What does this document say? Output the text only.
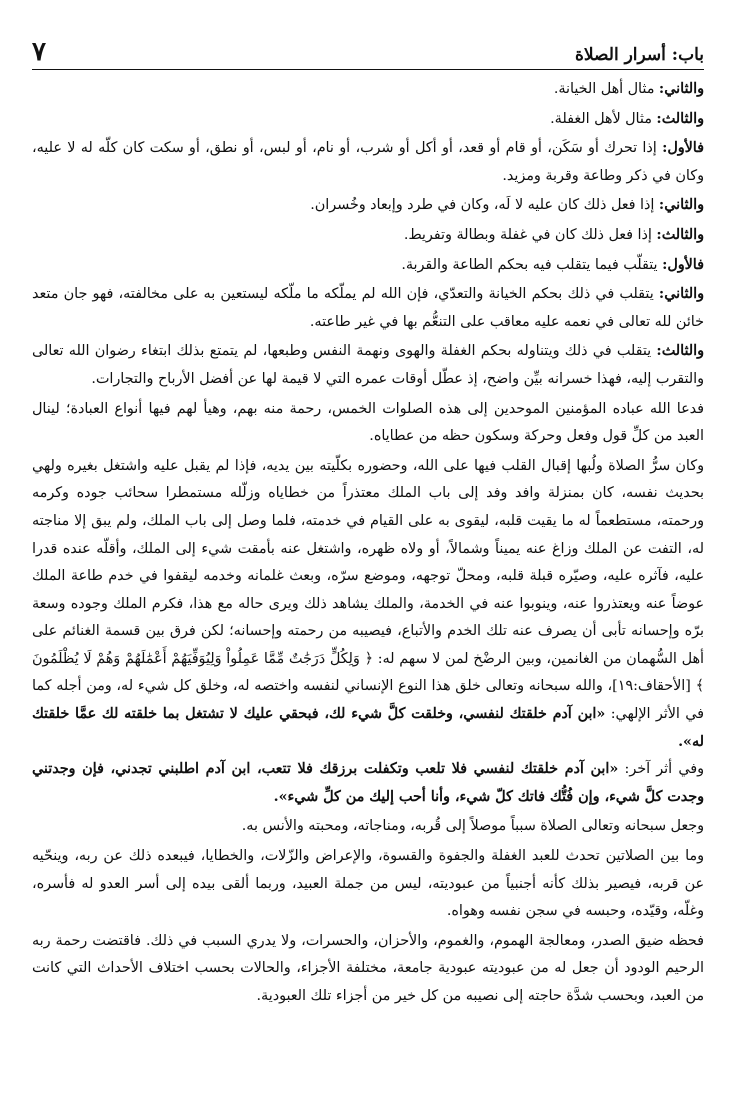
باب: أسرار الصلاة
٧

والثاني: مثال أهل الخيانة.

والثالث: مثال لأهل الغفلة.

فالأول: إذا تحرك أو سَكَن، أو قام أو قعد، أو أكل أو شرب، أو نام، أو لبس، أو نطق، أو سكت كان كلّه له لا عليه، وكان في ذكر وطاعة وقربة ومزيد.

والثاني: إذا فعل ذلك كان عليه لا لَه، وكان في طرد وإبعاد وخُسران.

والثالث: إذا فعل ذلك كان في غفلة وبطالة وتفريط.

فالأول: يتقلّب فيما يتقلب فيه بحكم الطاعة والقربة.

والثاني: يتقلب في ذلك بحكم الخيانة والتعدّي، فإن الله لم يملّكه ما ملّكه ليستعين به على مخالفته، فهو جان متعد خائن لله تعالى في نعمه عليه معاقب على التنعُّم بها في غير طاعته.

والثالث: يتقلب في ذلك ويتناوله بحكم الغفلة والهوى ونهمة النفس وطبعها، لم يتمتع بذلك ابتغاء رضوان الله تعالى والتقرب إليه، فهذا خسرانه بيِّن واضح، إذ عطّل أوقات عمره التي لا قيمة لها عن أفضل الأرباح والتجارات.

فدعا الله عباده المؤمنين الموحدين إلى هذه الصلوات الخمس، رحمة منه بهم، وهيأ لهم فيها أنواع العبادة؛ لينال العبد من كلِّ قول وفعل وحركة وسكون حظه من عطاياه.

وكان سرُّ الصلاة ولُبها إقبال القلب فيها على الله، وحضوره بكلّيته بين يديه، فإذا لم يقبل عليه واشتغل بغيره ولهي بحديث نفسه، كان بمنزلة وافد وفد إلى باب الملك معتذراً من خطاياه وزلّله مستمطرا سحائب جوده وكرمه ورحمته، مستطعماً له ما يقيت قلبه، ليقوى به على القيام في خدمته، فلما وصل إلى باب الملك، ولم يبق إلا مناجته له، التفت عن الملك وزاغ عنه يميناً وشمالاً، أو ولاه ظهره، واشتغل عنه بأمقت شيء إلى الملك، وأقلّه عنده قدرا عليه، فآثره عليه، وصيّره قبلة قلبه، ومحلّ توجهه، وموضع سرّه، وبعث غلمانه وخدمه ليقفوا في خدم طاعة الملك عوضاً عنه ويعتذروا عنه، وينوبوا عنه في الخدمة، والملك يشاهد ذلك ويرى حاله مع هذا، فكرم الملك وجوده وسعة برّه وإحسانه تأبى أن يصرف عنه تلك الخدم والأتباع، فيصيبه من رحمته وإحسانه؛ لكن فرق بين قسمة الغنائم على أهل السُّهمان من الغانمين، وبين الرضْخ لمن لا سهم له: ﴿ وَلِكُلٍّ دَرَجَٰتٌ مِّمَّا عَمِلُواْ وَلِيُوَفِّيَهُمْ أَعْمَٰلَهُمْ وَهُمْ لَا يُظْلَمُونَ ﴾ [الأحقاف:١٩]، والله سبحانه وتعالى خلق هذا النوع الإنساني لنفسه واختصه له، وخلق كل شيء له، ومن أجله كما في الأثر الإلهي: «ابن آدم خلقتك لنفسي، وخلقت كلَّ شيء لك، فبحقي عليك لا تشتغل بما خلقته لك عمَّا خلقتك له».

وفي أثر آخر: «ابن آدم خلقتك لنفسي فلا تلعب وتكفلت برزقك فلا تتعب، ابن آدم اطلبني تجدني، فإن وجدتني وجدت كلَّ شيء، وإن فُتُّك فاتك كلّ شيء، وأنا أحب إليك من كلِّ شيء».

وجعل سبحانه وتعالى الصلاة سبباً موصلاً إلى قُربه، ومناجاته، ومحبته والأنس به.

وما بين الصلاتين تحدث للعبد الغفلة والجفوة والقسوة، والإعراض والزّلات، والخطايا، فيبعده ذلك عن ربه، وينحّيه عن قربه، فيصير بذلك كأنه أجنبياً من عبوديته، ليس من جملة العبيد، وربما ألقى بيده إلى أسر العدو له فأسره، وغلّه، وقيّده، وحبسه في سجن نفسه وهواه.

فحظه ضيق الصدر، ومعالجة الهموم، والغموم، والأحزان، والحسرات، ولا يدري السبب في ذلك. فاقتضت رحمة ربه الرحيم الودود أن جعل له من عبوديته عبودية جامعة، مختلفة الأجزاء، والحالات بحسب اختلاف الأحداث التي كانت من العبد، وبحسب شدَّة حاجته إلى نصيبه من كل خير من أجزاء تلك العبودية.
